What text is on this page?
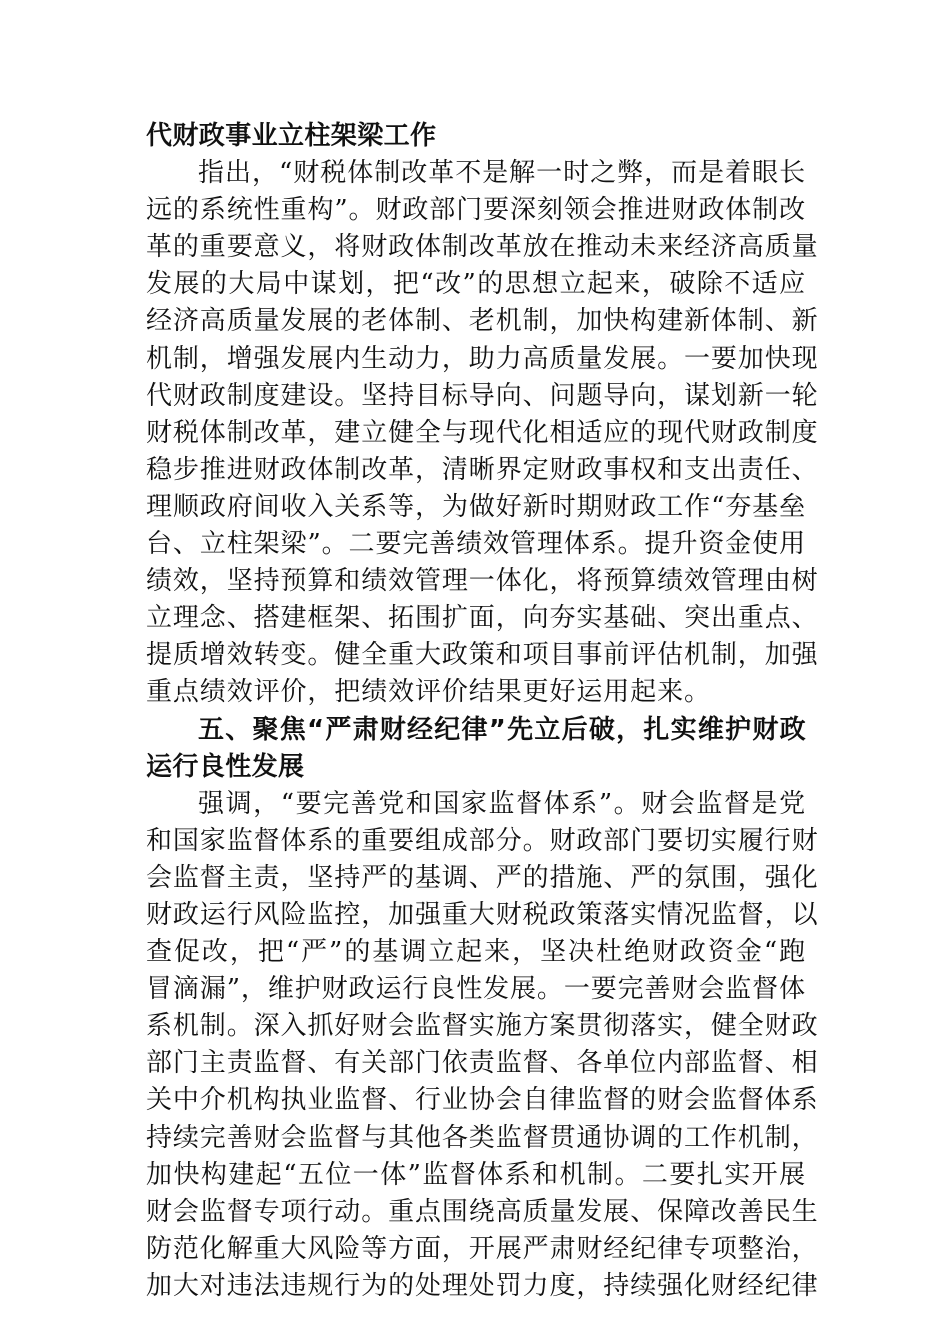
代财政事业立柱架梁工作
指出，“财税体制改革不是解一时之弊，而是着眼长
远的系统性重构”。财政部门要深刻领会推进财政体制改
革的重要意义，将财政体制改革放在推动未来经济高质量
发展的大局中谋划，把“改”的思想立起来，破除不适应
经济高质量发展的老体制、老机制，加快构建新体制、新
机制，增强发展内生动力，助力高质量发展。一要加快现
代财政制度建设。坚持目标导向、问题导向，谋划新一轮
财税体制改革，建立健全与现代化相适应的现代财政制度
稳步推进财政体制改革，清晰界定财政事权和支出责任、
理顺政府间收入关系等，为做好新时期财政工作“夯基垒
台、立柱架梁”。二要完善绩效管理体系。提升资金使用
绩效，坚持预算和绩效管理一体化，将预算绩效管理由树
立理念、搭建框架、拓围扩面，向夯实基础、突出重点、
提质增效转变。健全重大政策和项目事前评估机制，加强
重点绩效评价，把绩效评价结果更好运用起来。
五、聚焦“严肃财经纪律”先立后破，扎实维护财政
运行良性发展
强调，“要完善党和国家监督体系”。财会监督是党
和国家监督体系的重要组成部分。财政部门要切实履行财
会监督主责，坚持严的基调、严的措施、严的氛围，强化
财政运行风险监控，加强重大财税政策落实情况监督，以
查促改，把“严”的基调立起来，坚决杜绝财政资金“跑
冒滴漏”，维护财政运行良性发展。一要完善财会监督体
系机制。深入抓好财会监督实施方案贯彻落实，健全财政
部门主责监督、有关部门依责监督、各单位内部监督、相
关中介机构执业监督、行业协会自律监督的财会监督体系
持续完善财会监督与其他各类监督贯通协调的工作机制，
加快构建起“五位一体”监督体系和机制。二要扎实开展
财会监督专项行动。重点围绕高质量发展、保障改善民生
防范化解重大风险等方面，开展严肃财经纪律专项整治，
加大对违法违规行为的处理处罚力度，持续强化财经纪律
